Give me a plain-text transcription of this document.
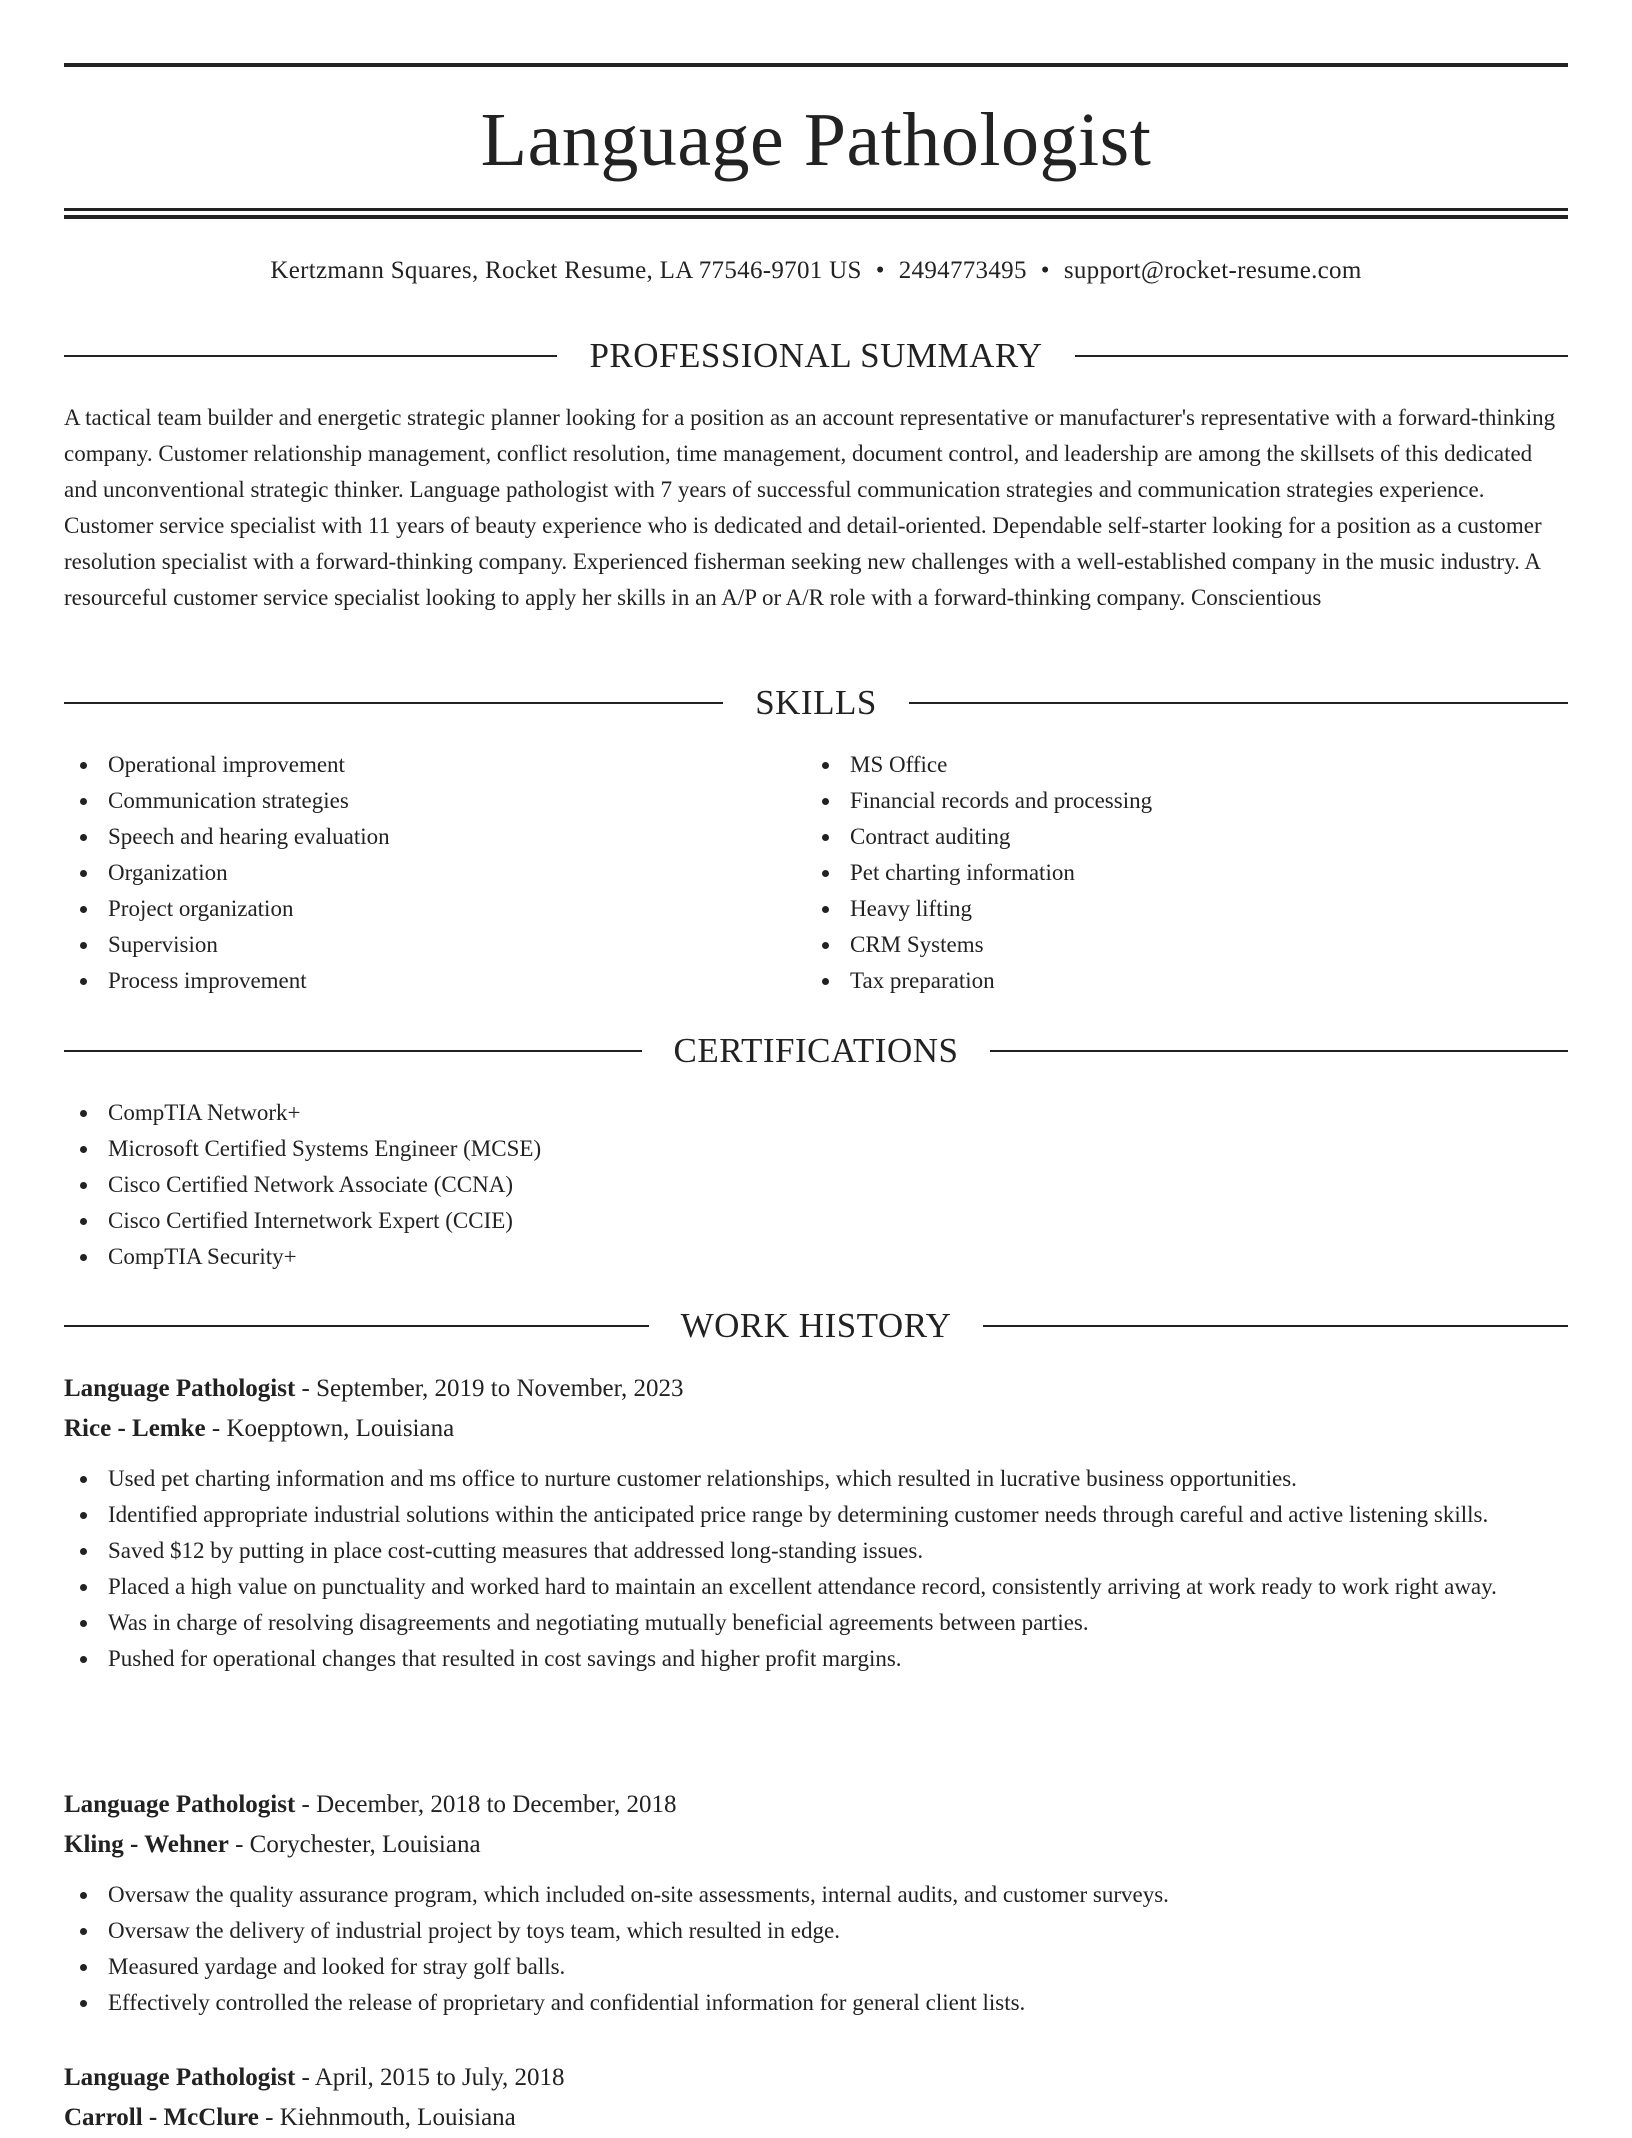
Language Pathologist
Kertzmann Squares, Rocket Resume, LA 77546-9701 US • 2494773495 • support@rocket-resume.com
PROFESSIONAL SUMMARY

A tactical team builder and energetic strategic planner looking for a position as an account representative or manufacturer's representative with a forward-thinking company. Customer relationship management, conflict resolution, time management, document control, and leadership are among the skillsets of this dedicated and unconventional strategic thinker. Language pathologist with 7 years of successful communication strategies and communication strategies experience. Customer service specialist with 11 years of beauty experience who is dedicated and detail-oriented. Dependable self-starter looking for a position as a customer resolution specialist with a forward-thinking company. Experienced fisherman seeking new challenges with a well-established company in the music industry. A resourceful customer service specialist looking to apply her skills in an A/P or A/R role with a forward-thinking company. Conscientious

SKILLS
Operational improvement
Communication strategies
Speech and hearing evaluation
Organization
Project organization
Supervision
Process improvement
MS Office
Financial records and processing
Contract auditing
Pet charting information
Heavy lifting
CRM Systems
Tax preparation
CERTIFICATIONS
CompTIA Network+
Microsoft Certified Systems Engineer (MCSE)
Cisco Certified Network Associate (CCNA)
Cisco Certified Internetwork Expert (CCIE)
CompTIA Security+
WORK HISTORY
Language Pathologist - September, 2019 to November, 2023
Rice - Lemke - Koepptown, Louisiana
Used pet charting information and ms office to nurture customer relationships, which resulted in lucrative business opportunities.
Identified appropriate industrial solutions within the anticipated price range by determining customer needs through careful and active listening skills.
Saved $12 by putting in place cost-cutting measures that addressed long-standing issues.
Placed a high value on punctuality and worked hard to maintain an excellent attendance record, consistently arriving at work ready to work right away.
Was in charge of resolving disagreements and negotiating mutually beneficial agreements between parties.
Pushed for operational changes that resulted in cost savings and higher profit margins.
Language Pathologist - December, 2018 to December, 2018
Kling - Wehner - Corychester, Louisiana
Oversaw the quality assurance program, which included on-site assessments, internal audits, and customer surveys.
Oversaw the delivery of industrial project by toys team, which resulted in edge.
Measured yardage and looked for stray golf balls.
Effectively controlled the release of proprietary and confidential information for general client lists.
Language Pathologist - April, 2015 to July, 2018
Carroll - McClure - Kiehnmouth, Louisiana
